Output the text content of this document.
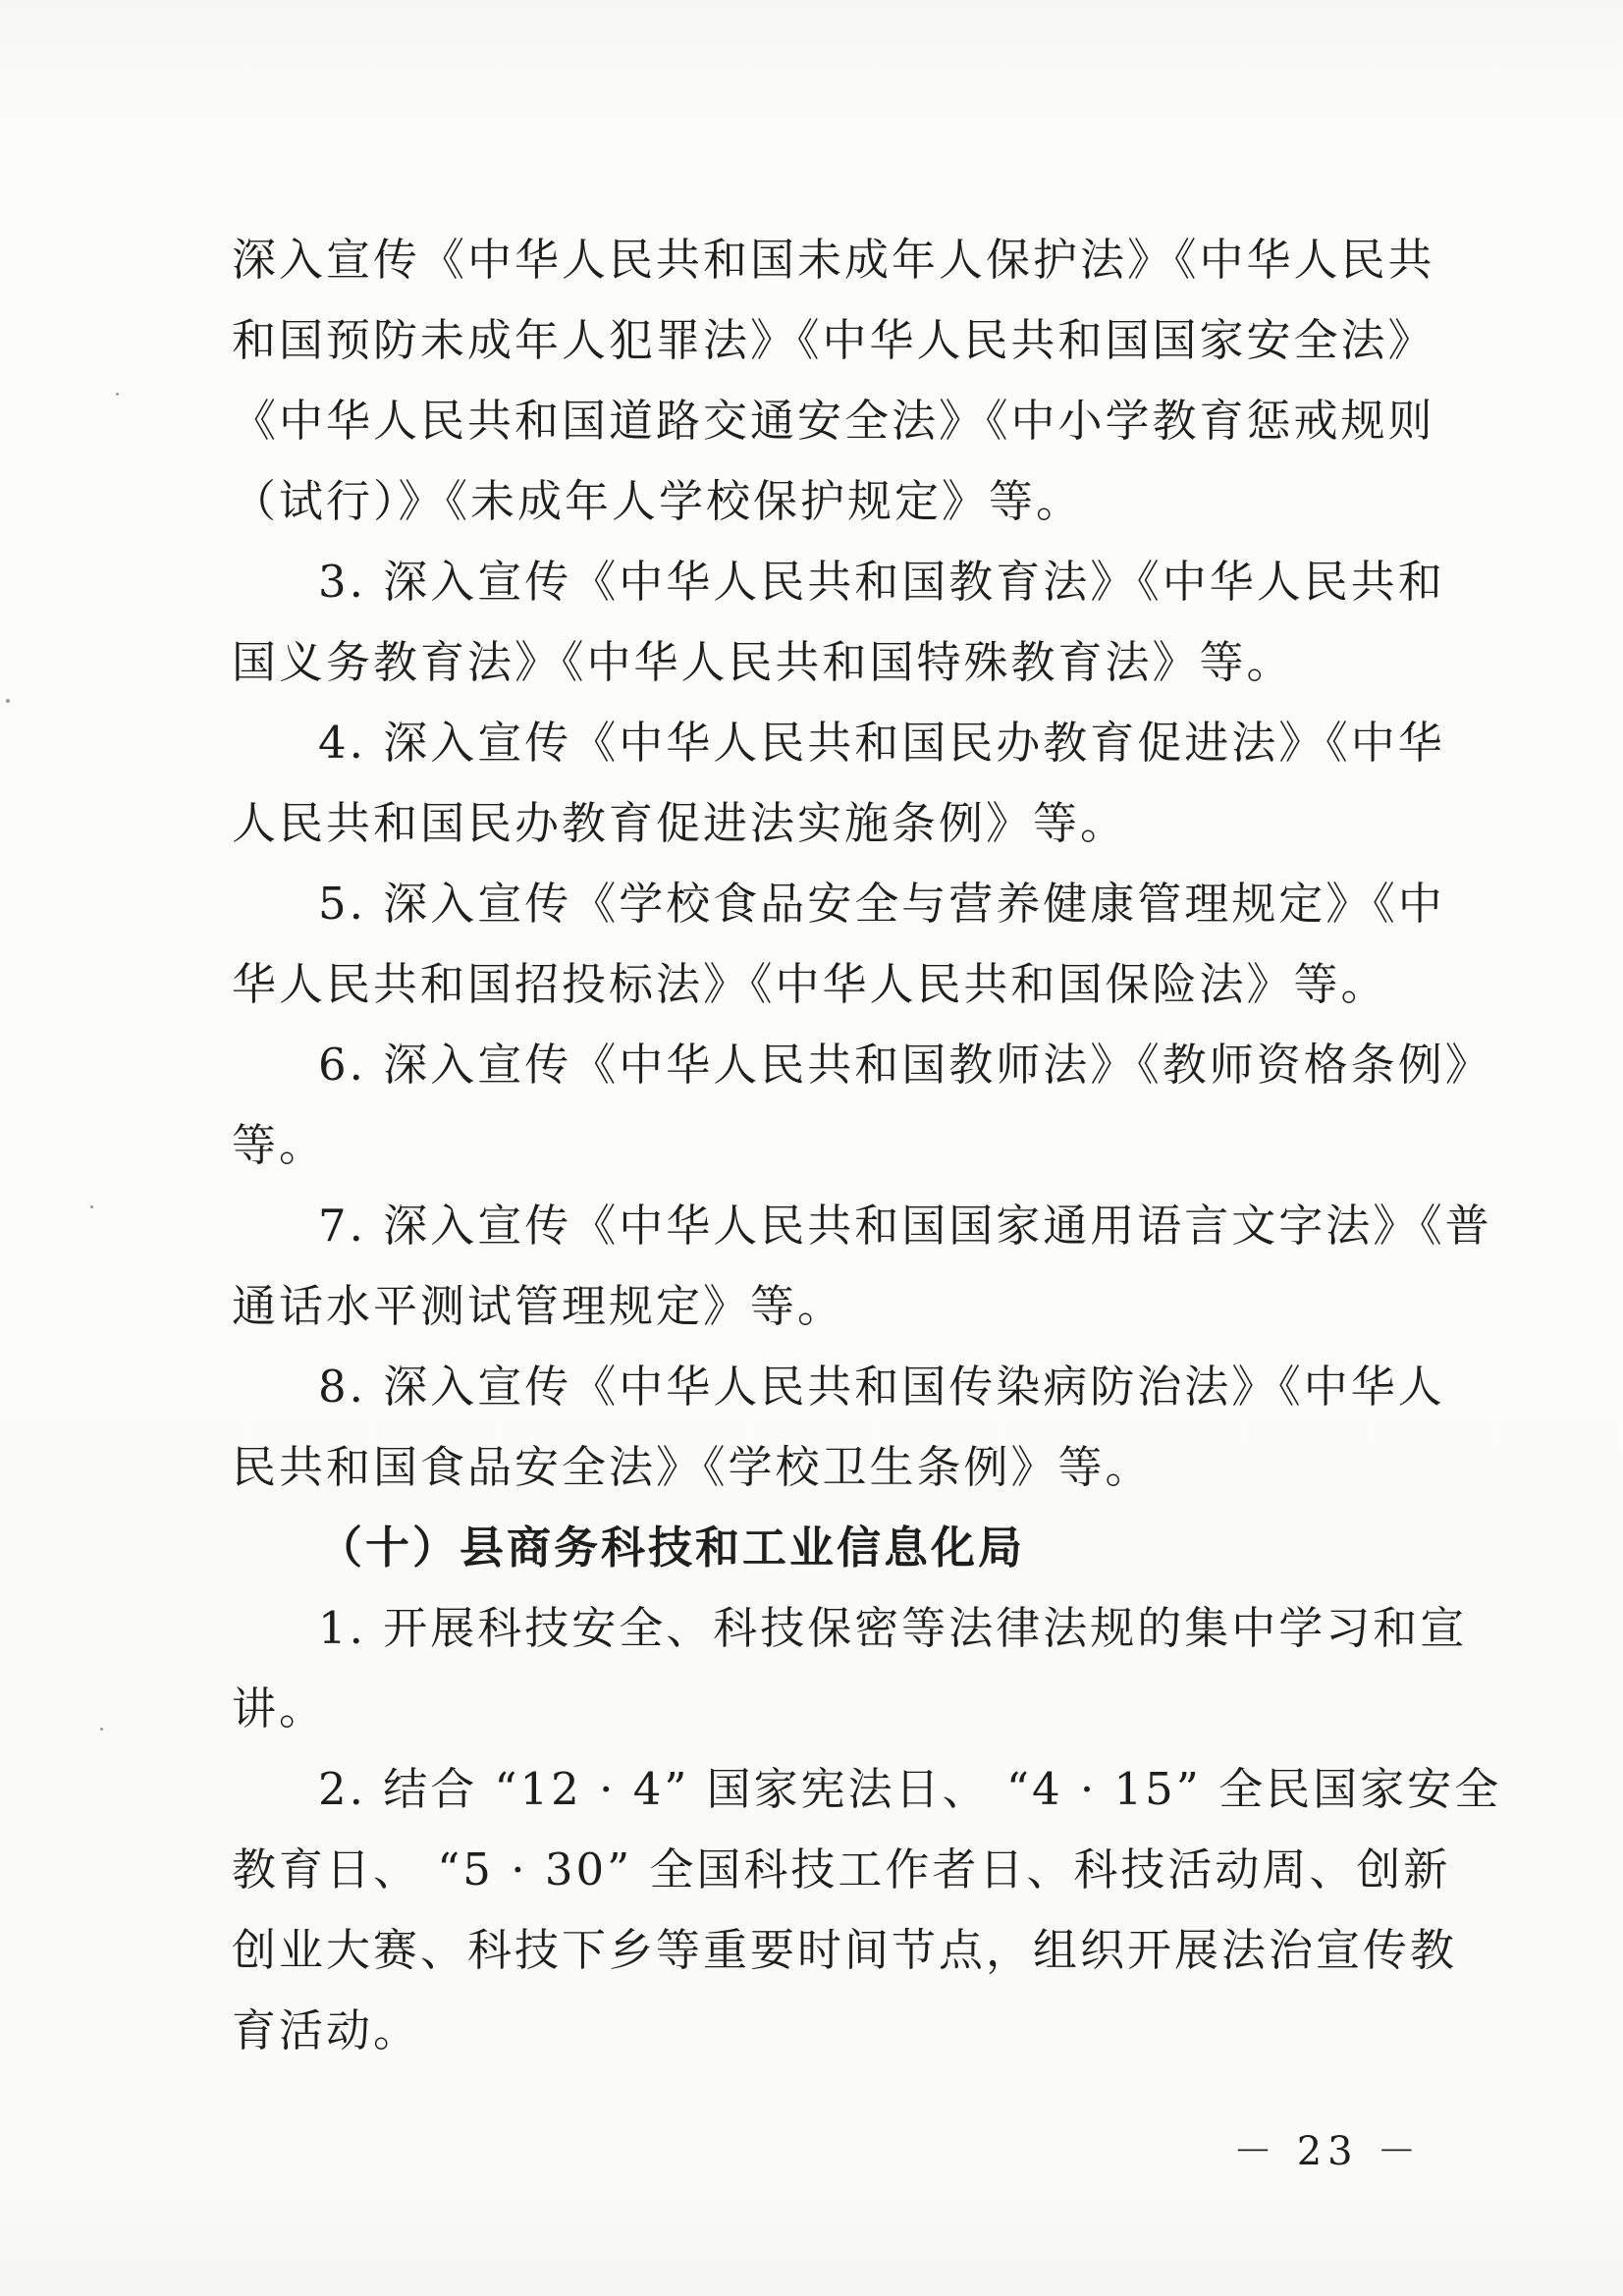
深入宣传《中华人民共和国未成年人保护法》《中华人民共
和国预防未成年人犯罪法》《中华人民共和国国家安全法》
《中华人民共和国道路交通安全法》《中小学教育惩戒规则
（试行）》《未成年人学校保护规定》等。
3. 深入宣传《中华人民共和国教育法》《中华人民共和
国义务教育法》《中华人民共和国特殊教育法》等。
4. 深入宣传《中华人民共和国民办教育促进法》《中华
人民共和国民办教育促进法实施条例》等。
5. 深入宣传《学校食品安全与营养健康管理规定》《中
华人民共和国招投标法》《中华人民共和国保险法》等。
6. 深入宣传《中华人民共和国教师法》《教师资格条例》
等。
7. 深入宣传《中华人民共和国国家通用语言文字法》《普
通话水平测试管理规定》等。
8. 深入宣传《中华人民共和国传染病防治法》《中华人
民共和国食品安全法》《学校卫生条例》等。
（十）县商务科技和工业信息化局
1. 开展科技安全、科技保密等法律法规的集中学习和宣
讲。
2. 结合 “12 · 4” 国家宪法日、 “4 · 15” 全民国家安全
教育日、 “5 · 30” 全国科技工作者日、科技活动周、创新
创业大赛、科技下乡等重要时间节点，组织开展法治宣传教
育活动。
－ 23 －
